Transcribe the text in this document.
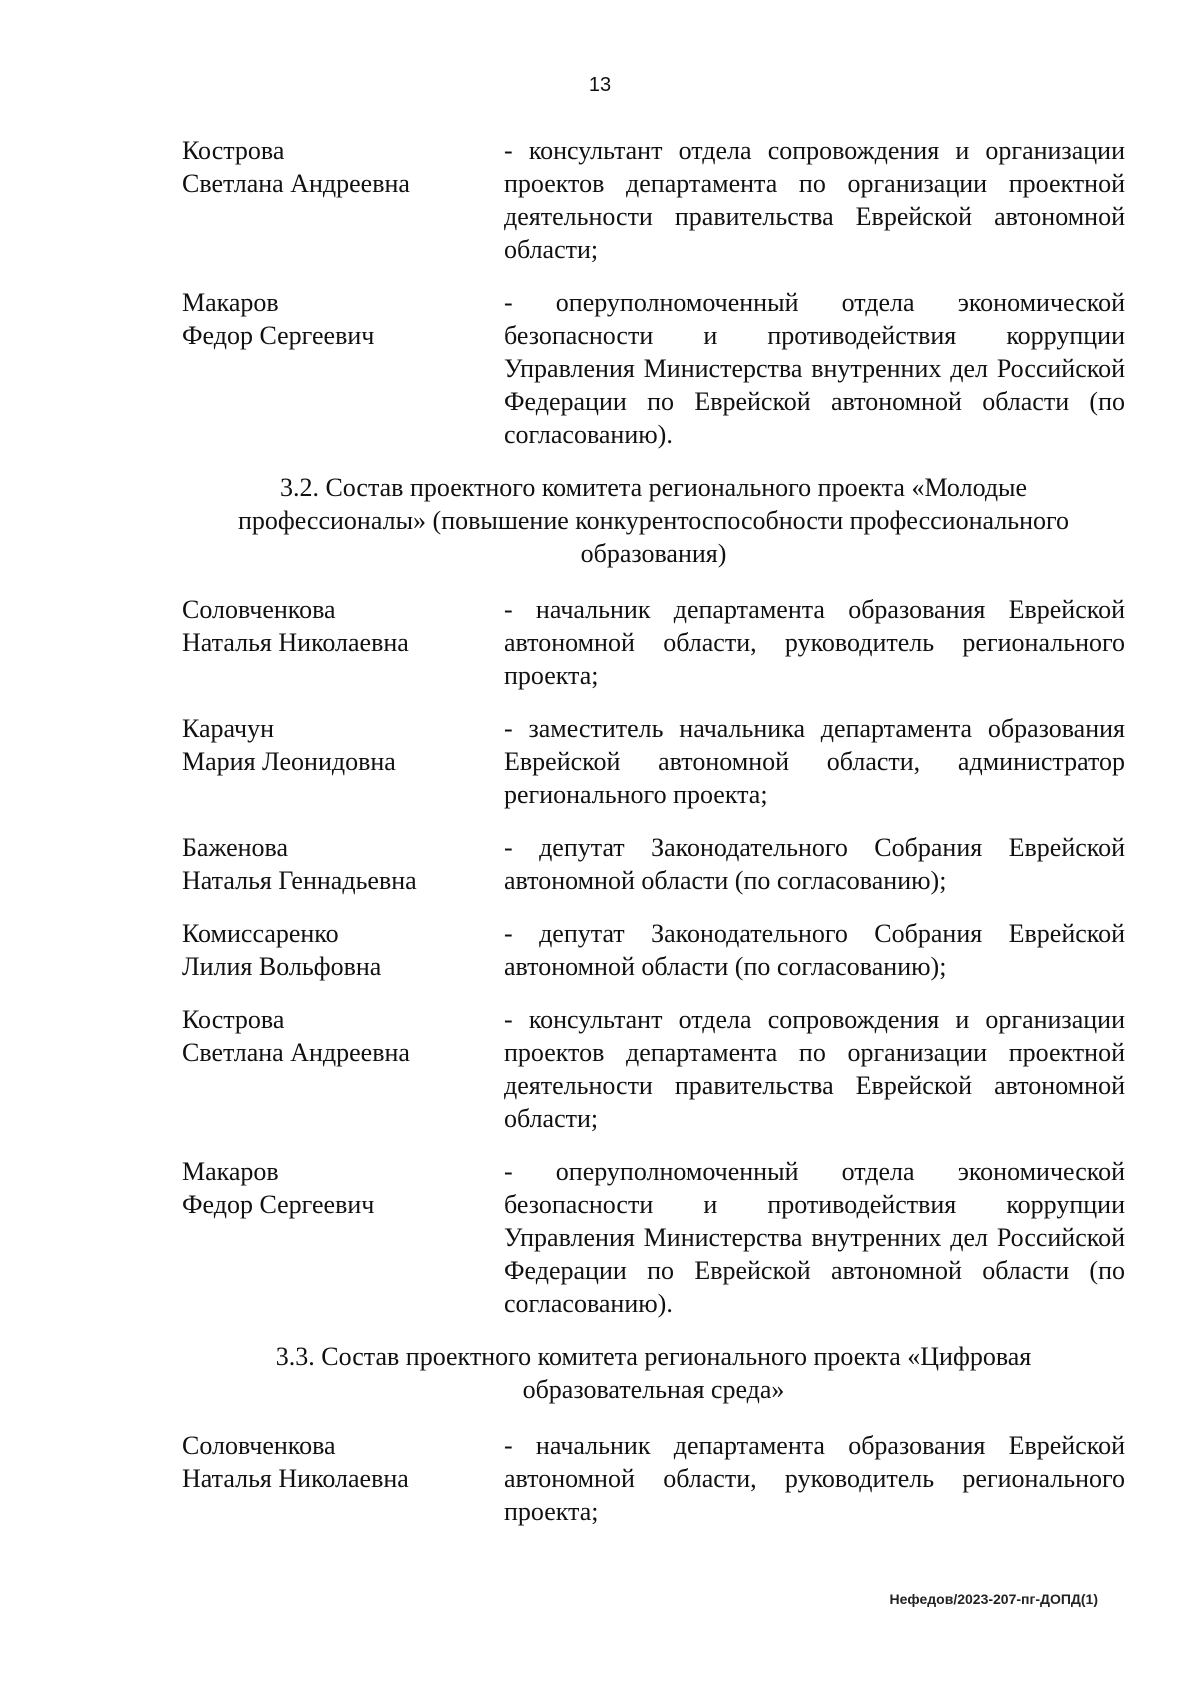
13
Кострова
Светлана Андреевна
- консультант отдела сопровождения и организации проектов департамента по организации проектной деятельности правительства Еврейской автономной области;
Макаров
Федор Сергеевич
- оперуполномоченный отдела экономической безопасности и противодействия коррупции Управления Министерства внутренних дел Российской Федерации по Еврейской автономной области (по согласованию).
3.2. Состав проектного комитета регионального проекта «Молодые профессионалы» (повышение конкурентоспособности профессионального образования)
Соловченкова
Наталья Николаевна
- начальник департамента образования Еврейской автономной области, руководитель регионального проекта;
Карачун
Мария Леонидовна
- заместитель начальника департамента образования Еврейской автономной области, администратор регионального проекта;
Баженова
Наталья Геннадьевна
- депутат Законодательного Собрания Еврейской автономной области (по согласованию);
Комиссаренко
Лилия Вольфовна
- депутат Законодательного Собрания Еврейской автономной области (по согласованию);
Кострова
Светлана Андреевна
- консультант отдела сопровождения и организации проектов департамента по организации проектной деятельности правительства Еврейской автономной области;
Макаров
Федор Сергеевич
- оперуполномоченный отдела экономической безопасности и противодействия коррупции Управления Министерства внутренних дел Российской Федерации по Еврейской автономной области (по согласованию).
3.3. Состав проектного комитета регионального проекта «Цифровая образовательная среда»
Соловченкова
Наталья Николаевна
- начальник департамента образования Еврейской автономной области, руководитель регионального проекта;
Нефедов/2023-207-пг-ДОПД(1)
